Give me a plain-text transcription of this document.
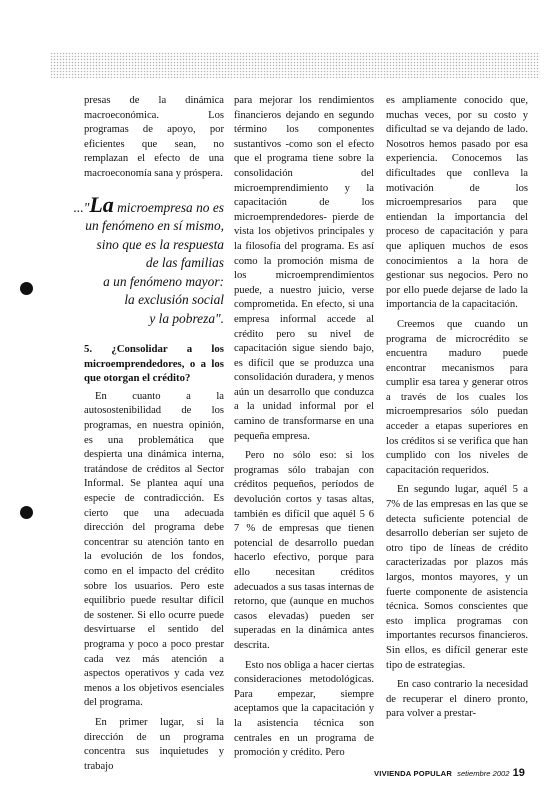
presas de la dinámica macroeconómica. Los programas de apoyo, por eficientes que sean, no remplazan el efecto de una macroeconomía sana y próspera.

..."La microempresa no es
un fenómeno en sí mismo,
sino que es la respuesta
de las familias
a un fenómeno mayor:
la exclusión social
y la pobreza".

5. ¿Consolidar a los microemprendedores, o a los que otorgan el crédito?

En cuanto a la autosostenibilidad de los programas, en nuestra opinión, es una problemática que despierta una dinámica interna, tratándose de créditos al Sector Informal. Se plantea aquí una especie de contradicción. Es cierto que una adecuada dirección del programa debe concentrar su atención tanto en la evolución de los fondos, como en el impacto del crédito sobre los usuarios. Pero este equilibrio puede resultar difícil de sostener. Si ello ocurre puede desvirtuarse el sentido del programa y poco a poco prestar cada vez más atención a aspectos operativos y cada vez menos a los objetivos esenciales del programa.

En primer lugar, si la dirección de un programa concentra sus inquietudes y trabajo

para mejorar los rendimientos financieros dejando en segundo término los componentes sustantivos -como son el efecto que el programa tiene sobre la consolidación del microemprendimiento y la capacitación de los microemprendedores- pierde de vista los objetivos principales y la filosofía del programa. Es así como la promoción misma de los microemprendimientos puede, a nuestro juicio, verse comprometida. En efecto, si una empresa informal accede al crédito pero su nivel de capacitación sigue siendo bajo, es difícil que se produzca una consolidación duradera, y menos aún un desarrollo que conduzca a la unidad informal por el camino de transformarse en una pequeña empresa.

Pero no sólo eso: si los programas sólo trabajan con créditos pequeños, períodos de devolución cortos y tasas altas, también es difícil que aquél 5 6 7 % de empresas que tienen potencial de desarrollo puedan hacerlo efectivo, porque para ello necesitan créditos adecuados a sus tasas internas de retorno, que (aunque en muchos casos elevadas) pueden ser superadas en la dinámica antes descrita.

Esto nos obliga a hacer ciertas consideraciones metodológicas. Para empezar, siempre aceptamos que la capacitación y la asistencia técnica son centrales en un programa de promoción y crédito. Pero

es ampliamente conocido que, muchas veces, por su costo y dificultad se va dejando de lado. Nosotros hemos pasado por esa experiencia. Conocemos las dificultades que conlleva la motivación de los microempresarios para que entiendan la importancia del proceso de capacitación y para que apliquen muchos de esos conocimientos a la hora de gestionar sus negocios. Pero no por ello puede dejarse de lado la importancia de la capacitación.

Creemos que cuando un programa de microcrédito se encuentra maduro puede encontrar mecanismos para cumplir esa tarea y generar otros a través de los cuales los microempresarios sólo puedan acceder a etapas superiores en los créditos si se verifica que han cumplido con los niveles de capacitación requeridos.

En segundo lugar, aquél 5 a 7% de las empresas en las que se detecta suficiente potencial de desarrollo deberían ser sujeto de otro tipo de líneas de crédito caracterizadas por plazos más largos, montos mayores, y un fuerte componente de asistencia técnica. Somos conscientes que esto implica programas con importantes recursos financieros. Sin ellos, es difícil generar este tipo de estrategias.

En caso contrario la necesidad de recuperar el dinero pronto, para volver a prestar-

VIVIENDA POPULAR setiembre 2002 19
